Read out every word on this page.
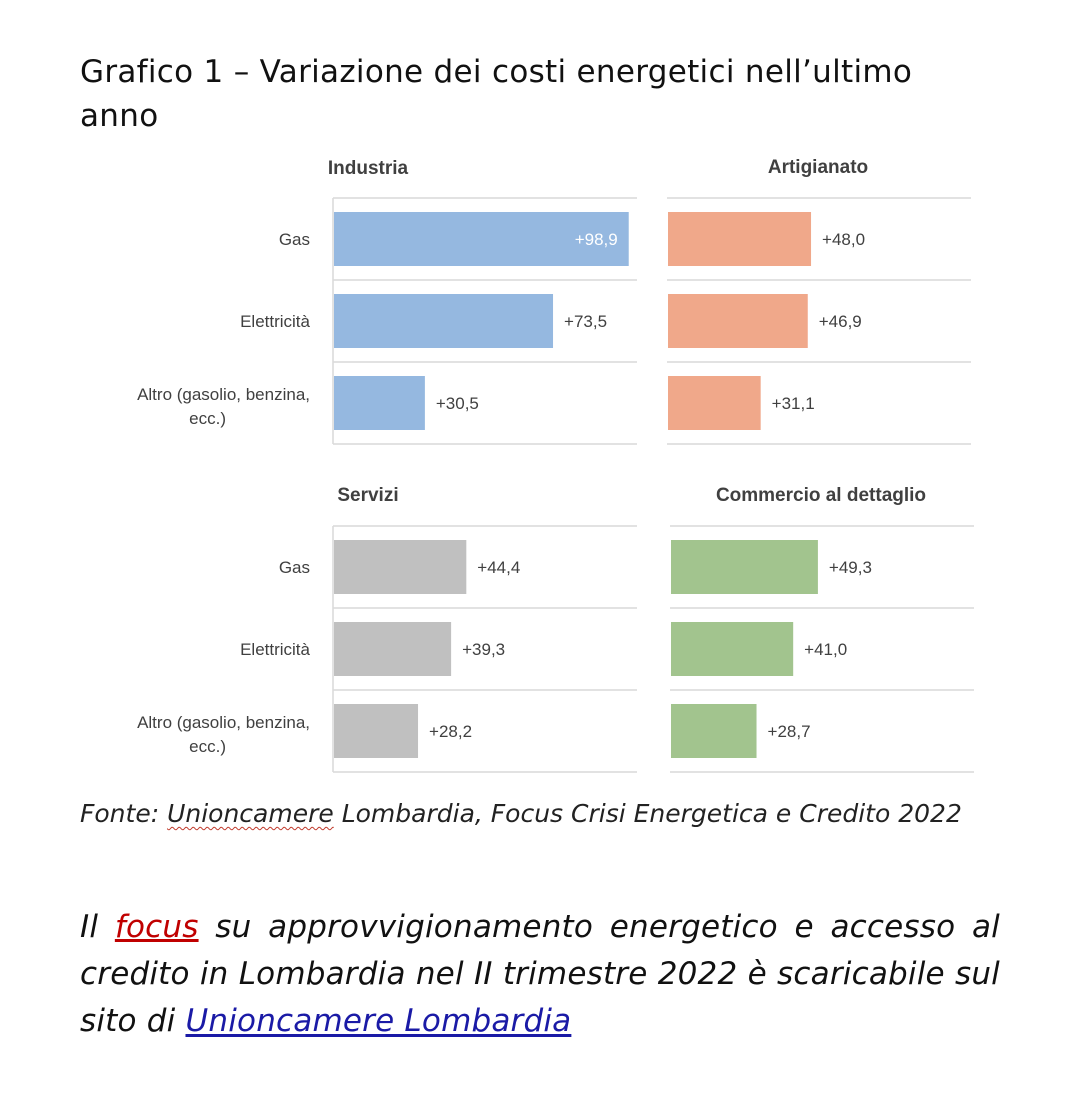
Grafico 1 – Variazione dei costi energetici nell’ultimo anno
Gas
Elettricità
Altro (gasolio, benzina, ecc.)
Gas
Elettricità
Altro (gasolio, benzina, ecc.)
Industria
+98,9
+73,5
+30,5
Artigianato
+48,0
+46,9
+31,1
Servizi
+44,4
+39,3
+28,2
Commercio al dettaglio
+49,3
+41,0
+28,7

Fonte: Unioncamere Lombardia, Focus Crisi Energetica e Credito 2022

Il focus su approvvigionamento energetico e accesso al credito in Lombardia nel II trimestre 2022 è scaricabile sul sito di Unioncamere Lombardia
